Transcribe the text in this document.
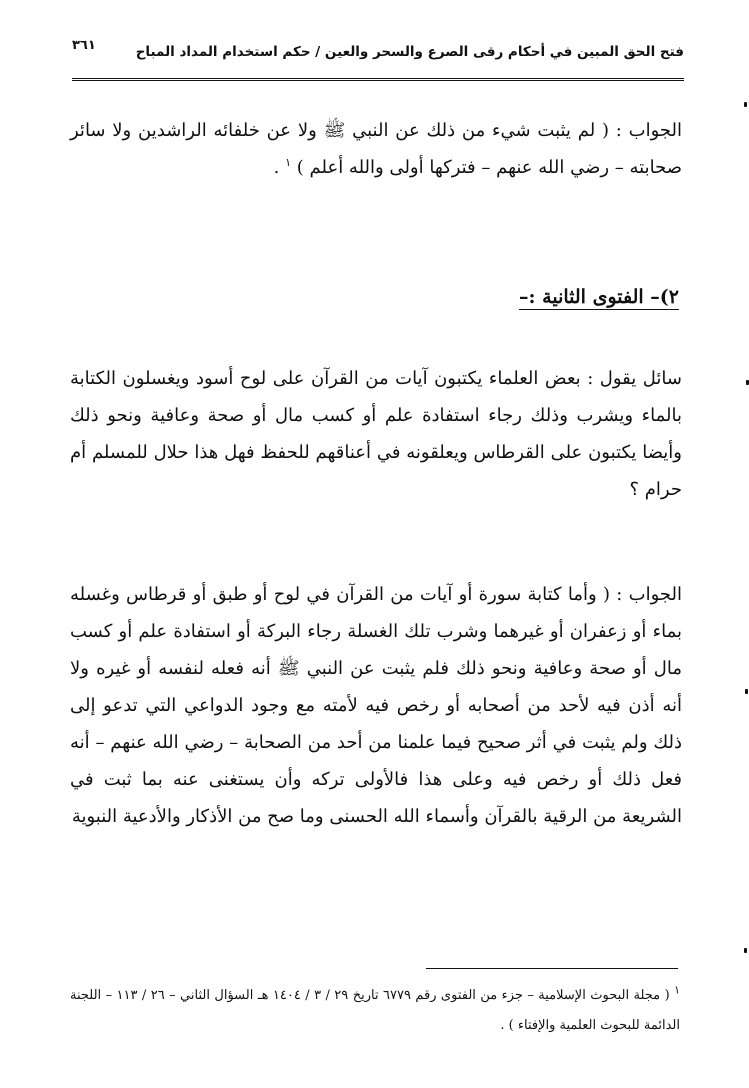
فتح الحق المبين في أحكام رقى الصرع والسحر والعين / حكم استخدام المداد المباح
٣٦١
الجواب : ( لم يثبت شيء من ذلك عن النبي ﷺ ولا عن خلفائه الراشدين ولا سائر صحابته – رضي الله عنهم – فتركها أولى والله أعلم ) $^١$ .
٢)– الفتوى الثانية :–
سائل يقول : بعض العلماء يكتبون آيات من القرآن على لوح أسود ويغسلون الكتابة بالماء ويشرب وذلك رجاء استفادة علم أو كسب مال أو صحة وعافية ونحو ذلك وأيضا يكتبون على القرطاس ويعلقونه في أعناقهم للحفظ فهل هذا حلال للمسلم أم حرام ؟
الجواب : ( وأما كتابة سورة أو آيات من القرآن في لوح أو طبق أو قرطاس وغسله بماء أو زعفران أو غيرهما وشرب تلك الغسلة رجاء البركة أو استفادة علم أو كسب مال أو صحة وعافية ونحو ذلك فلم يثبت عن النبي ﷺ أنه فعله لنفسه أو غيره ولا أنه أذن فيه لأحد من أصحابه أو رخص فيه لأمته مع وجود الدواعي التي تدعو إلى ذلك ولم يثبت في أثر صحيح فيما علمنا من أحد من الصحابة – رضي الله عنهم – أنه فعل ذلك أو رخص فيه وعلى هذا فالأولى تركه وأن يستغنى عنه بما ثبت في الشريعة من الرقية بالقرآن وأسماء الله الحسنى وما صح من الأذكار والأدعية النبوية
$^١$ ( مجلة البحوث الإسلامية – جزء من الفتوى رقم ٦٧٧٩ تاريخ ٢٩ / ٣ / ١٤٠٤ هـ السؤال الثاني – ٢٦ / ١١٣ – اللجنة الدائمة للبحوث العلمية والإفتاء ) .
